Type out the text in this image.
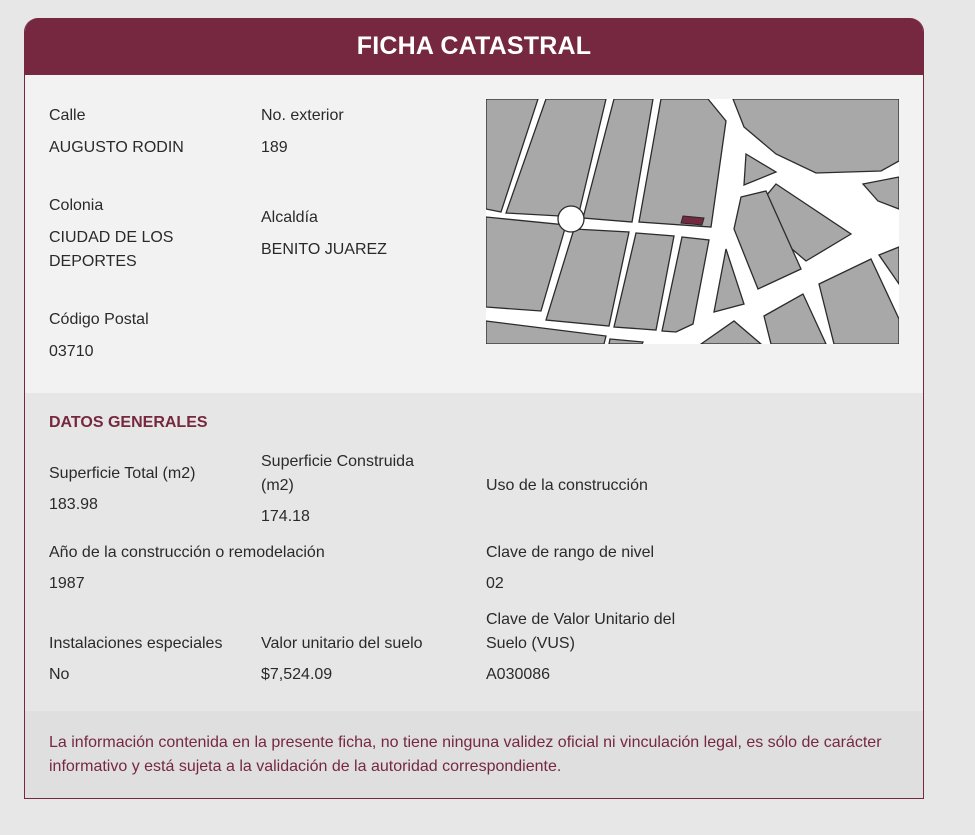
FICHA CATASTRAL

Calle

AUGUSTO RODIN

No. exterior

189

Colonia

CIUDAD DE LOS DEPORTES

Alcaldía

BENITO JUAREZ

Código Postal

03710

DATOS GENERALES

Superficie Total (m2)

183.98

Superficie Construida (m2)

174.18

Uso de la construcción

Año de la construcción o remodelación

1987

Clave de rango de nivel

02

Instalaciones especiales

No

Valor unitario del suelo

$7,524.09

Clave de Valor Unitario del Suelo (VUS)

A030086

La información contenida en la presente ficha, no tiene ninguna validez oficial ni vinculación legal, es sólo de carácter informativo y está sujeta a la validación de la autoridad correspondiente.
